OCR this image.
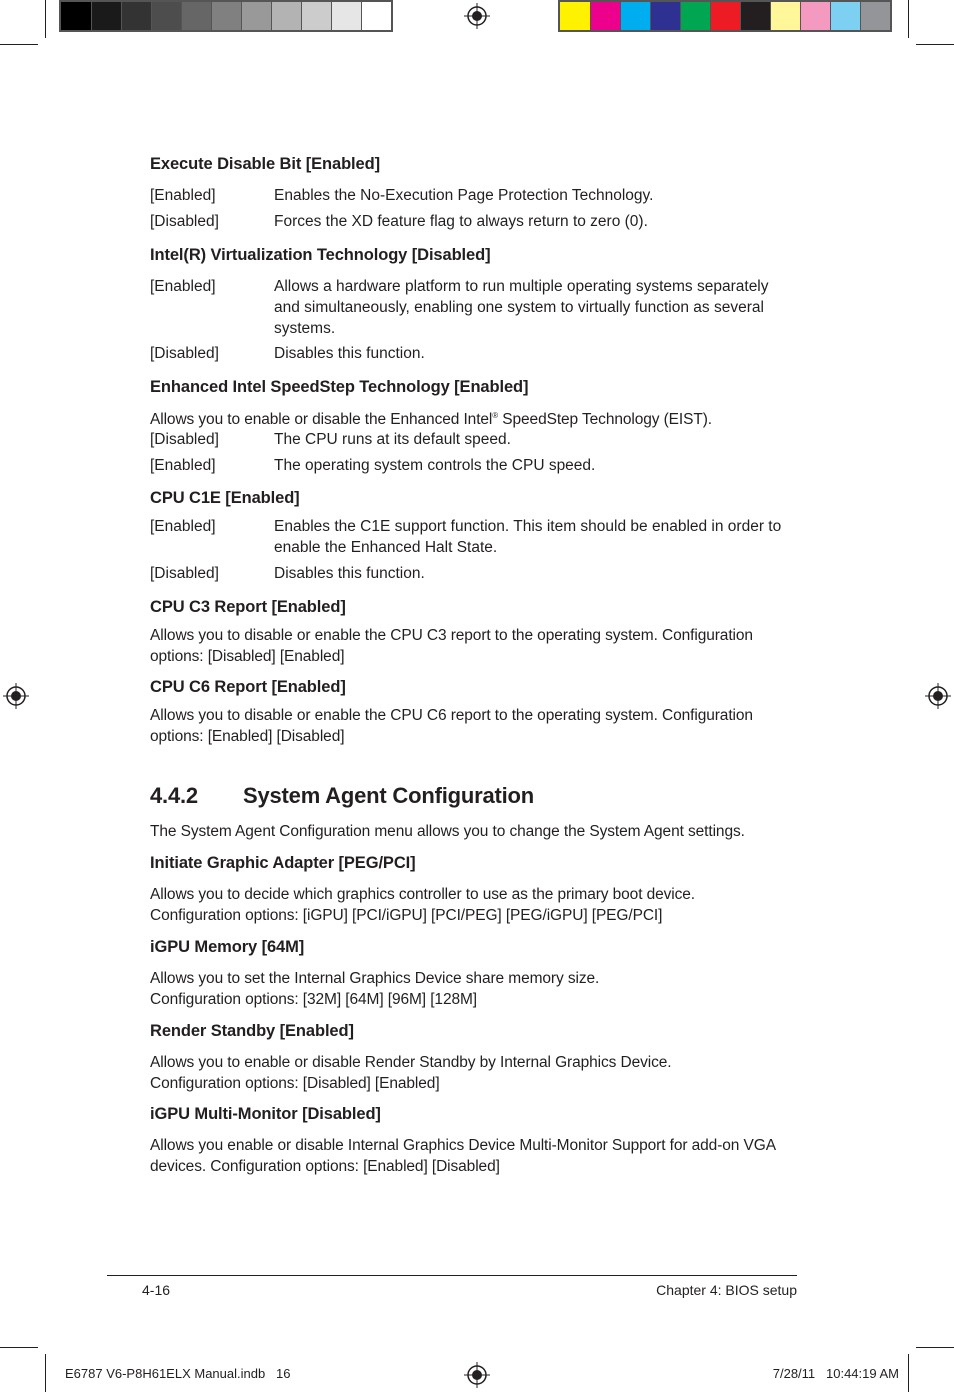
Execute Disable Bit [Enabled]
[Enabled]	Enables the No-Execution Page Protection Technology.
[Disabled]	Forces the XD feature flag to always return to zero (0).
Intel(R) Virtualization Technology [Disabled]
[Enabled]	Allows a hardware platform to run multiple operating systems separately
and simultaneously, enabling one system to virtually function as several
systems.
[Disabled]	Disables this function.
Enhanced Intel SpeedStep Technology [Enabled]
Allows you to enable or disable the Enhanced Intel® SpeedStep Technology (EIST).
[Disabled]	The CPU runs at its default speed.
[Enabled]	The operating system controls the CPU speed.
CPU C1E [Enabled]
[Enabled]	Enables the C1E support function. This item should be enabled in order to
enable the Enhanced Halt State.
[Disabled]	Disables this function.
CPU C3 Report [Enabled]
Allows you to disable or enable the CPU C3 report to the operating system. Configuration
options: [Disabled] [Enabled]
CPU C6 Report [Enabled]
Allows you to disable or enable the CPU C6 report to the operating system. Configuration
options: [Enabled] [Disabled]
4.4.2 System Agent Configuration
The System Agent Configuration menu allows you to change the System Agent settings.
Initiate Graphic Adapter [PEG/PCI]
Allows you to decide which graphics controller to use as the primary boot device.
Configuration options: [iGPU] [PCI/iGPU] [PCI/PEG] [PEG/iGPU] [PEG/PCI]
iGPU Memory [64M]
Allows you to set the Internal Graphics Device share memory size.
Configuration options: [32M] [64M] [96M] [128M]
Render Standby [Enabled]
Allows you to enable or disable Render Standby by Internal Graphics Device.
Configuration options: [Disabled] [Enabled]
iGPU Multi-Monitor [Disabled]
Allows you enable or disable Internal Graphics Device Multi-Monitor Support for add-on VGA
devices. Configuration options: [Enabled] [Disabled]
4-16	Chapter 4: BIOS setup
E6787 V6-P8H61ELX Manual.indb   16	7/28/11   10:44:19 AM
